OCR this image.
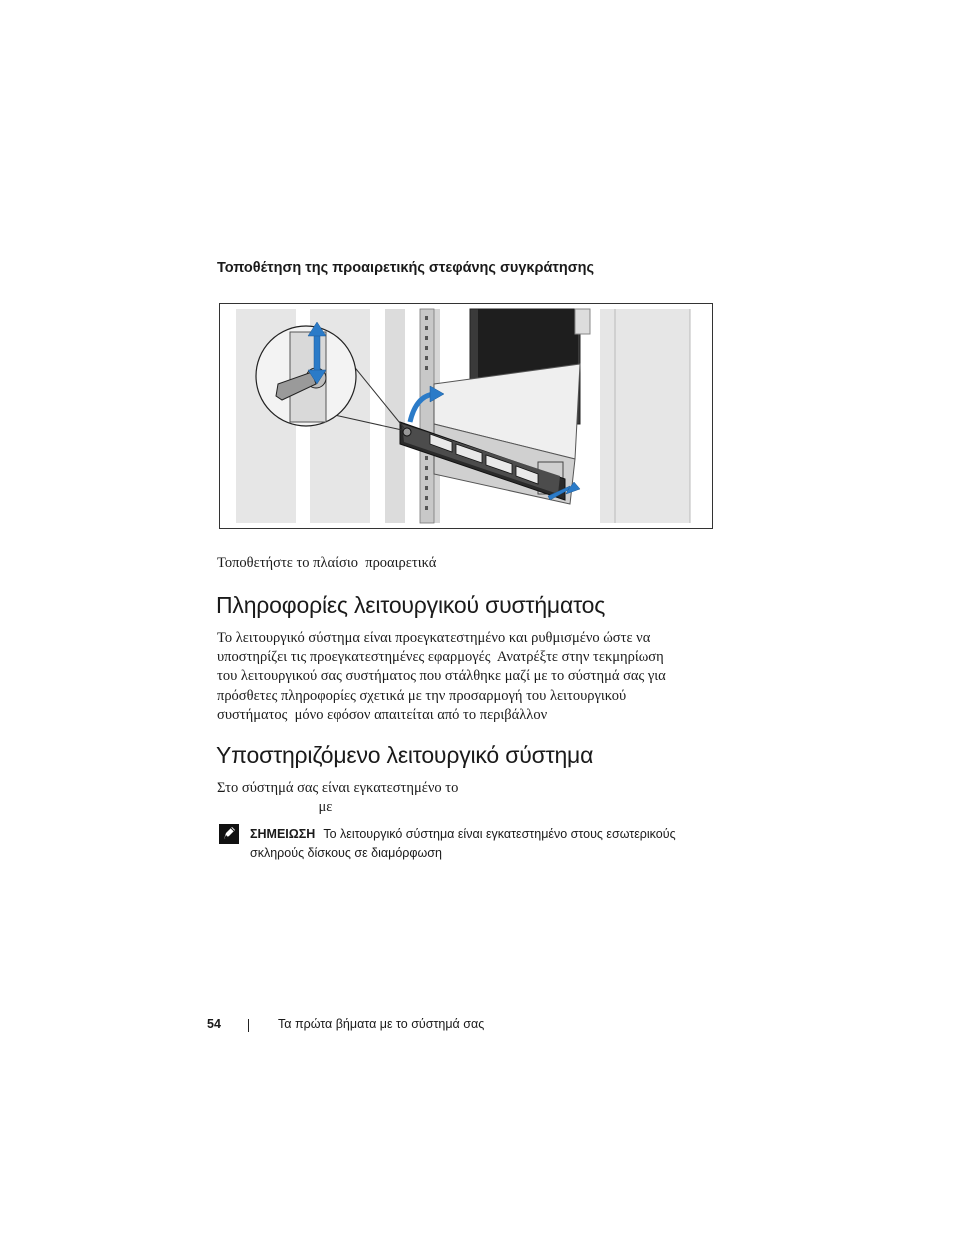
Τοποθέτηση της προαιρετικής στεφάνης συγκράτησης
Τοποθετήστε το πλαίσιο  προαιρετικά
Πληροφορίες λειτουργικού συστήματος
Το λειτουργικό σύστημα είναι προεγκατεστημένο και ρυθμισμένο ώστε να
υποστηρίζει τις προεγκατεστημένες εφαρμογές  Ανατρέξτε στην τεκμηρίωση
του λειτουργικού σας συστήματος που στάλθηκε μαζί με το σύστημά σας για
πρόσθετες πληροφορίες σχετικά με την προσαρμογή του λειτουργικού
συστήματος  μόνο εφόσον απαιτείται από το περιβάλλον
Υποστηριζόμενο λειτουργικό σύστημα
Στο σύστημά σας είναι εγκατεστημένο το
με
ΣΗΜΕΙΩΣΗ Το λειτουργικό σύστημα είναι εγκατεστημένο στους εσωτερικούς σκληρούς δίσκους σε διαμόρφωση
54	Τα πρώτα βήματα με το σύστημά σας
